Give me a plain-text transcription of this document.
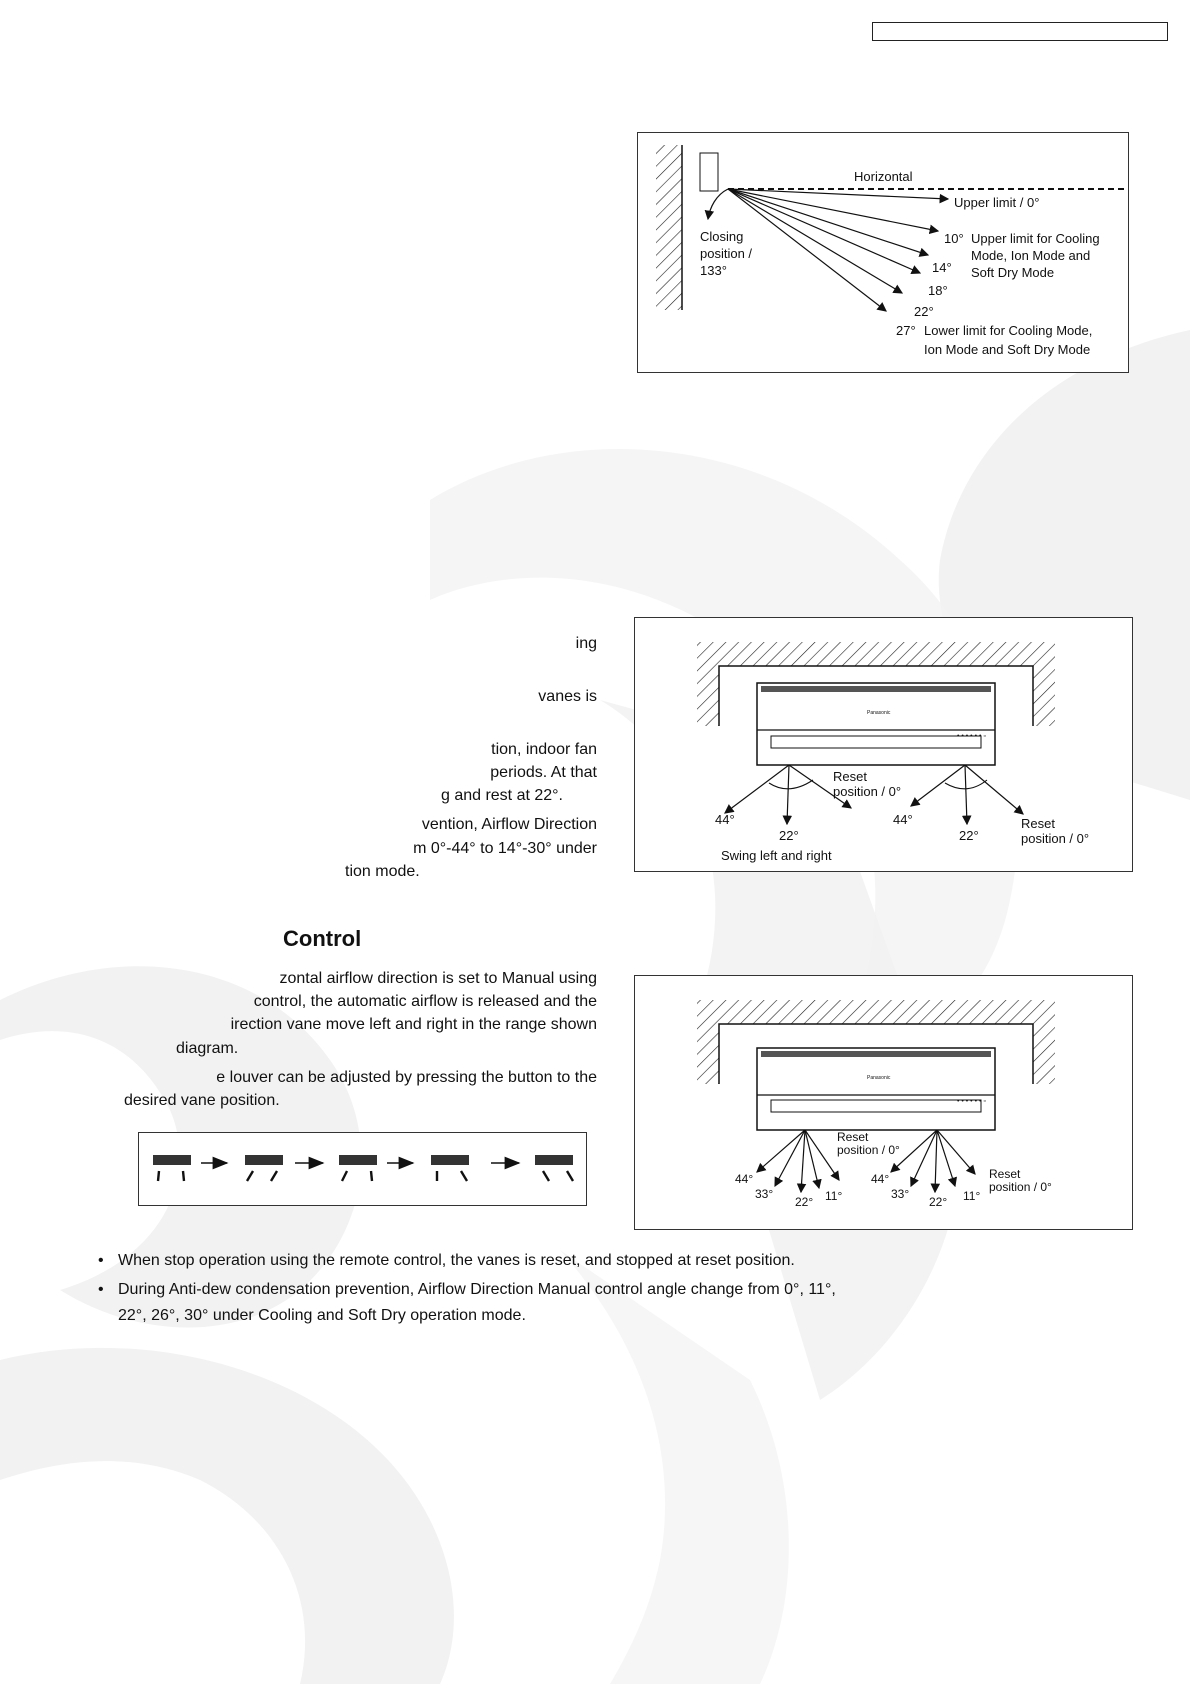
Horizontal
Upper limit / 0°
Closing
position /
133°
10°
14°
18°
22°
27°
Upper limit for Cooling
Mode, Ion Mode and
Soft Dry Mode
Lower limit for Cooling Mode,
Ion Mode and Soft Dry Mode
ing
vanes is
tion, indoor fan
periods. At that
g and rest at 22°.
vention, Airflow Direction
m 0°-44° to 14°-30° under
tion mode.
Panasonic
• • • • • • ▫
Reset
position / 0°
44°
22°
44°
22°
Reset
position / 0°
Swing left and right
Control
zontal airflow direction is set to Manual using
control, the automatic airflow is released and the
irection vane move left and right in the range shown
diagram.
e louver can be adjusted by pressing the button to the
desired vane position.
Panasonic
• • • • • • ▫
Reset
position / 0°
44°
33°
22° 11°
44°
33°
22° 11°
Reset
position / 0°
• When stop operation using the remote control, the vanes is reset, and stopped at reset position.
• During Anti-dew condensation prevention, Airflow Direction Manual control angle change from 0°, 11°,
22°, 26°, 30° under Cooling and Soft Dry operation mode.
